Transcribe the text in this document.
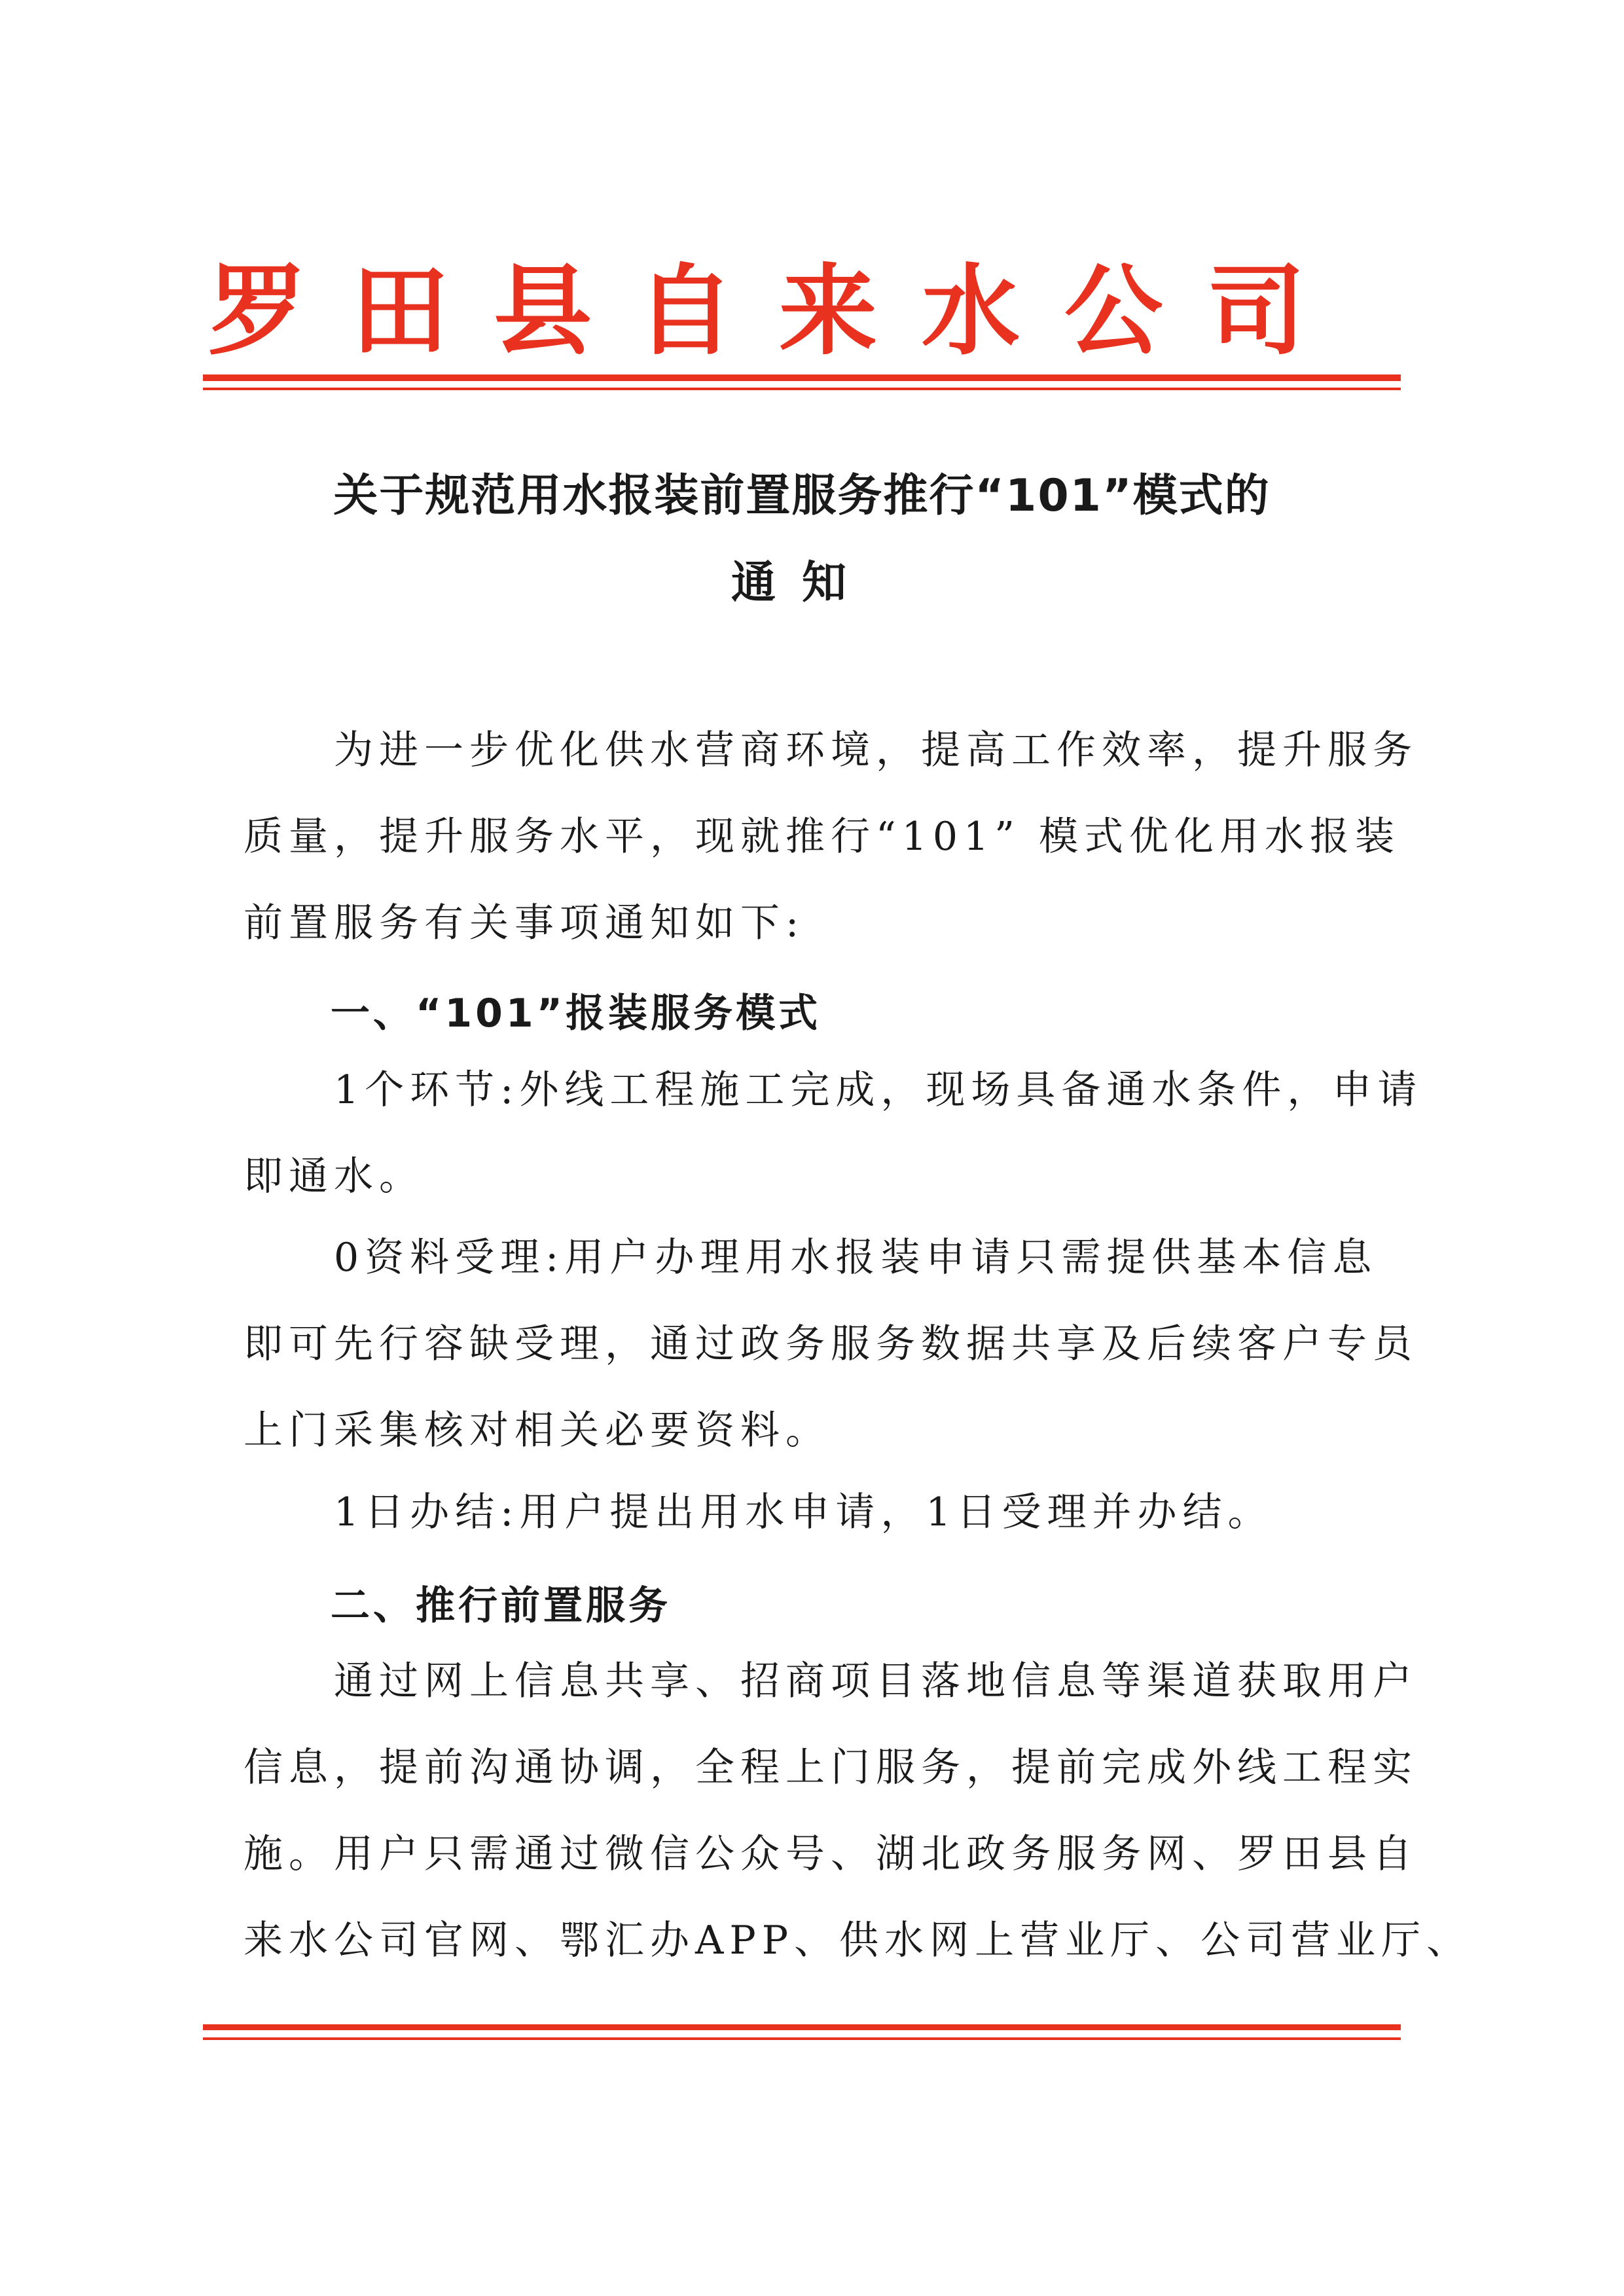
罗田县自来水公司
关于规范用水报装前置服务推行“101”模式的
通知
　　为进一步优化供水营商环境，提高工作效率，提升服务
质量，提升服务水平，现就推行“101” 模式优化用水报装
前置服务有关事项通知如下:
一、“101”报装服务模式
　　1个环节:外线工程施工完成，现场具备通水条件，申请
即通水。
　　0资料受理:用户办理用水报装申请只需提供基本信息
即可先行容缺受理，通过政务服务数据共享及后续客户专员
上门采集核对相关必要资料。
　　1日办结:用户提出用水申请，1日受理并办结。
二、推行前置服务
　　通过网上信息共享、招商项目落地信息等渠道获取用户
信息，提前沟通协调，全程上门服务，提前完成外线工程实
施。用户只需通过微信公众号、湖北政务服务网、罗田县自
来水公司官网、鄂汇办APP、供水网上营业厅、公司营业厅、
